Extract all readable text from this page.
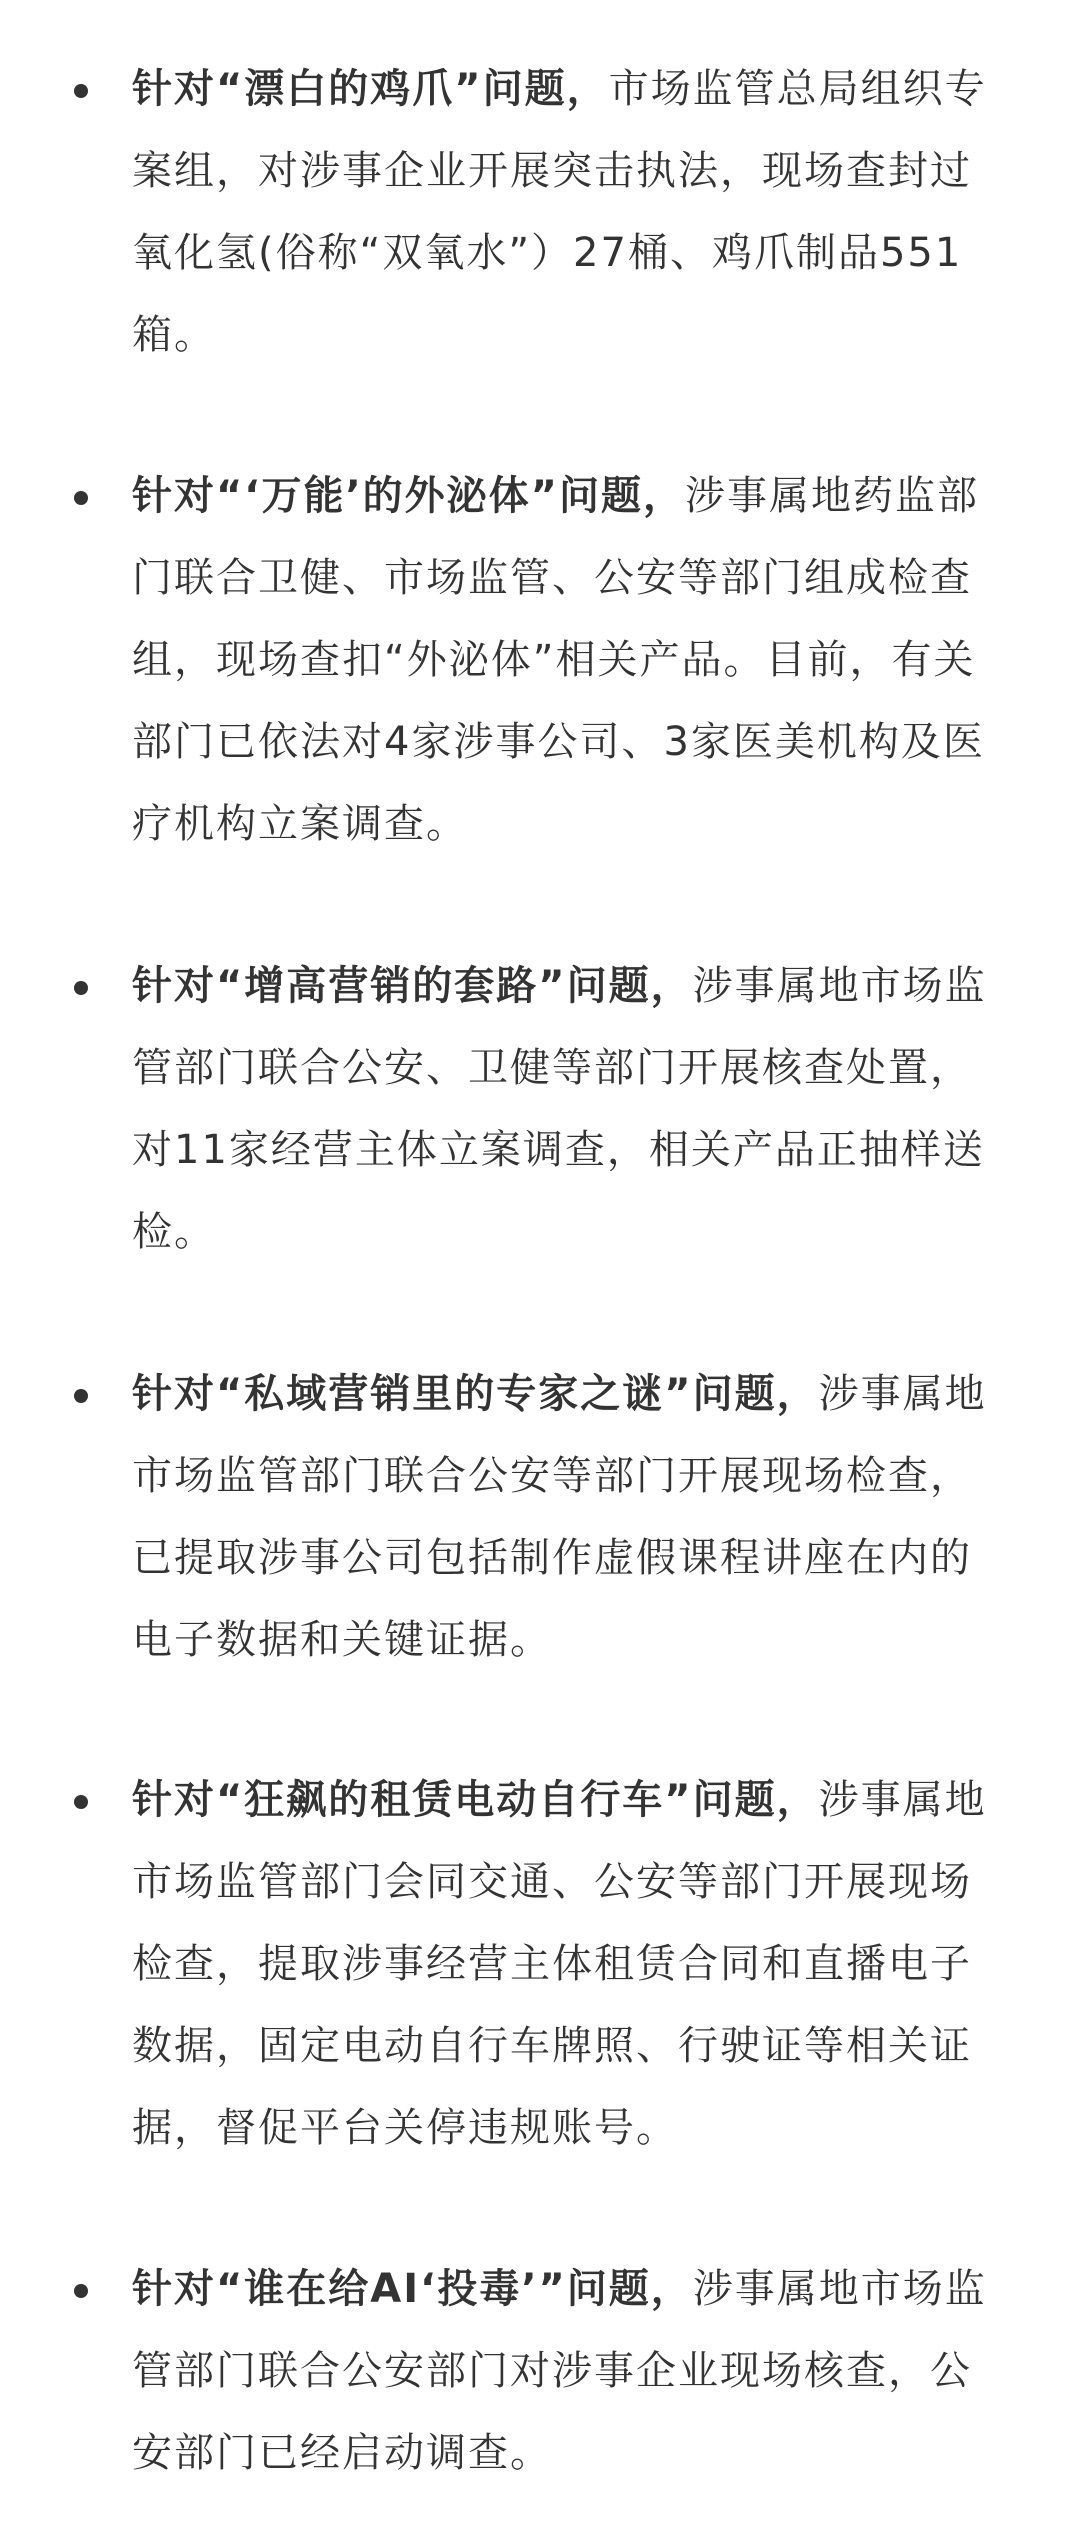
针对“漂白的鸡爪”问题，市场监管总局组织专案组，对涉事企业开展突击执法，现场查封过氧化氢(俗称“双氧水”）27桶、鸡爪制品551箱。
针对“‘万能’的外泌体”问题，涉事属地药监部门联合卫健、市场监管、公安等部门组成检查组，现场查扣“外泌体”相关产品。目前，有关部门已依法对4家涉事公司、3家医美机构及医疗机构立案调查。
针对“增高营销的套路”问题，涉事属地市场监管部门联合公安、卫健等部门开展核查处置，对11家经营主体立案调查，相关产品正抽样送检。
针对“私域营销里的专家之谜”问题，涉事属地市场监管部门联合公安等部门开展现场检查，已提取涉事公司包括制作虚假课程讲座在内的电子数据和关键证据。
针对“狂飙的租赁电动自行车”问题，涉事属地市场监管部门会同交通、公安等部门开展现场检查，提取涉事经营主体租赁合同和直播电子数据，固定电动自行车牌照、行驶证等相关证据，督促平台关停违规账号。
针对“谁在给AI‘投毒’”问题，涉事属地市场监管部门联合公安部门对涉事企业现场核查，公安部门已经启动调查。
